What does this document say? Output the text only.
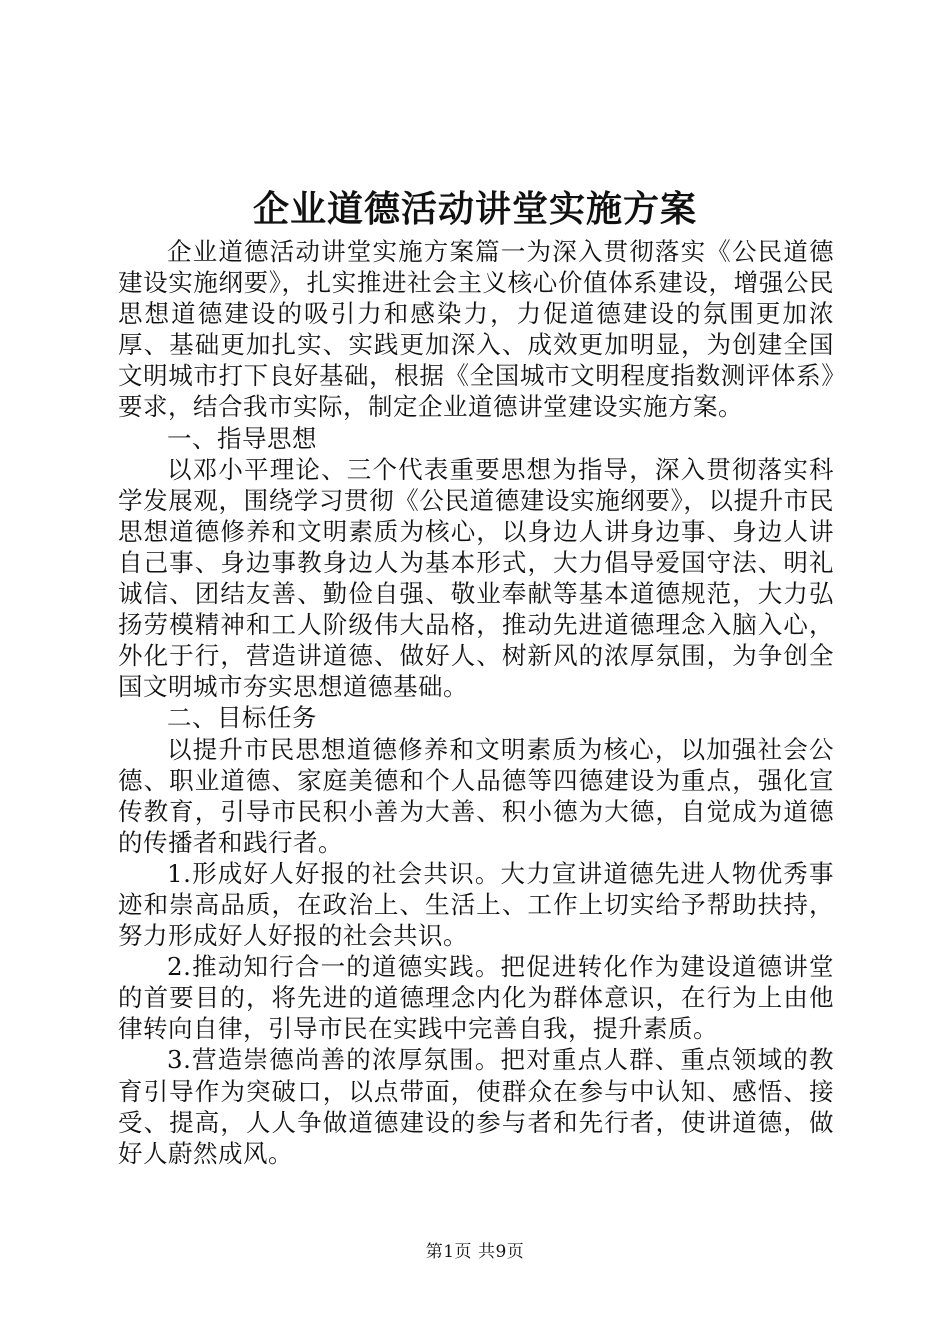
企业道德活动讲堂实施方案

企业道德活动讲堂实施方案篇一为深入贯彻落实《公民道德建设实施纲要》，扎实推进社会主义核心价值体系建设，增强公民思想道德建设的吸引力和感染力，力促道德建设的氛围更加浓厚、基础更加扎实、实践更加深入、成效更加明显，为创建全国文明城市打下良好基础，根据《全国城市文明程度指数测评体系》要求，结合我市实际，制定企业道德讲堂建设实施方案。

一、指导思想

以邓小平理论、三个代表重要思想为指导，深入贯彻落实科学发展观，围绕学习贯彻《公民道德建设实施纲要》，以提升市民思想道德修养和文明素质为核心，以身边人讲身边事、身边人讲自己事、身边事教身边人为基本形式，大力倡导爱国守法、明礼诚信、团结友善、勤俭自强、敬业奉献等基本道德规范，大力弘扬劳模精神和工人阶级伟大品格，推动先进道德理念入脑入心，外化于行，营造讲道德、做好人、树新风的浓厚氛围，为争创全国文明城市夯实思想道德基础。

二、目标任务

以提升市民思想道德修养和文明素质为核心，以加强社会公德、职业道德、家庭美德和个人品德等四德建设为重点，强化宣传教育，引导市民积小善为大善、积小德为大德，自觉成为道德的传播者和践行者。

1.形成好人好报的社会共识。大力宣讲道德先进人物优秀事迹和崇高品质，在政治上、生活上、工作上切实给予帮助扶持，努力形成好人好报的社会共识。

2.推动知行合一的道德实践。把促进转化作为建设道德讲堂的首要目的，将先进的道德理念内化为群体意识，在行为上由他律转向自律，引导市民在实践中完善自我，提升素质。

3.营造崇德尚善的浓厚氛围。把对重点人群、重点领域的教育引导作为突破口，以点带面，使群众在参与中认知、感悟、接受、提高，人人争做道德建设的参与者和先行者，使讲道德，做好人蔚然成风。

第1页 共9页
